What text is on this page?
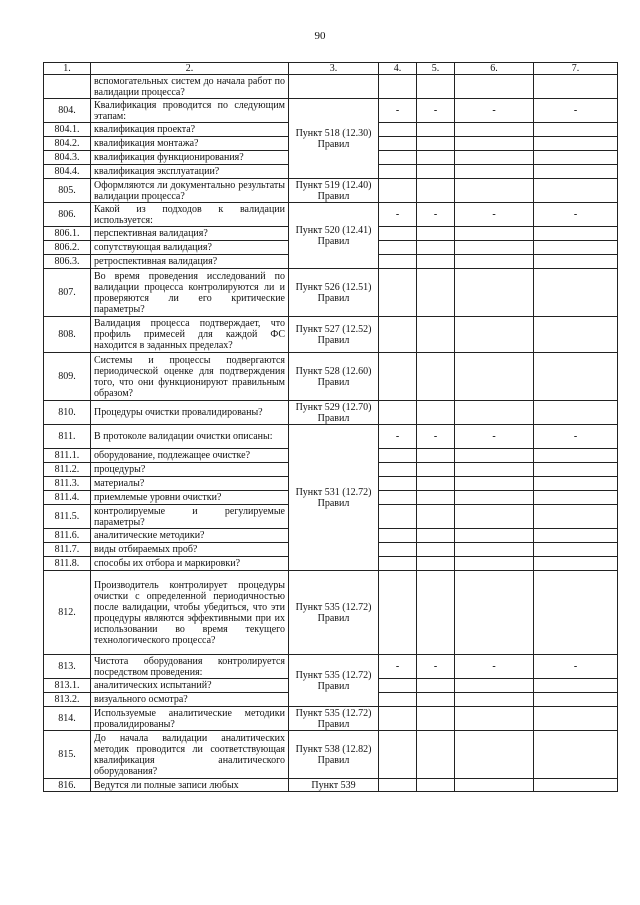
90
1.	2.	3.	4.	5.	6.	7.
	вспомогательных систем до начала работ по валидации процесса?					
804.	Квалификация проводится по следующим этапам:	Пункт 518 (12.30) Правил	-	-	-	-
804.1.	квалификация проекта?					
804.2.	квалификация монтажа?					
804.3.	квалификация функционирования?					
804.4.	квалификация эксплуатации?					
805.	Оформляются ли документально результаты валидации процесса?	Пункт 519 (12.40) Правил				
806.	Какой из подходов к валидации используется:	Пункт 520 (12.41) Правил	-	-	-	-
806.1.	перспективная валидация?					
806.2.	сопутствующая валидация?					
806.3.	ретроспективная валидация?					
807.	Во время проведения исследований по валидации процесса контролируются ли и проверяются ли его критические параметры?	Пункт 526 (12.51) Правил				
808.	Валидация процесса подтверждает, что профиль примесей для каждой ФС находится в заданных пределах?	Пункт 527 (12.52) Правил				
809.	Системы и процессы подвергаются периодической оценке для подтверждения того, что они функционируют правильным образом?	Пункт 528 (12.60) Правил				
810.	Процедуры очистки провалидированы?	Пункт 529 (12.70) Правил				
811.	В протоколе валидации очистки описаны:	Пункт 531 (12.72) Правил	-	-	-	-
811.1.	оборудование, подлежащее очистке?					
811.2.	процедуры?					
811.3.	материалы?					
811.4.	приемлемые уровни очистки?					
811.5.	контролируемые и регулируемые параметры?					
811.6.	аналитические методики?					
811.7.	виды отбираемых проб?					
811.8.	способы их отбора и маркировки?					
812.	Производитель контролирует процедуры очистки с определенной периодичностью после валидации, чтобы убедиться, что эти процедуры являются эффективными при их использовании во время текущего технологического процесса?	Пункт 535 (12.72) Правил				
813.	Чистота оборудования контролируется посредством проведения:	Пункт 535 (12.72) Правил	-	-	-	-
813.1.	аналитических испытаний?					
813.2.	визуального осмотра?					
814.	Используемые аналитические методики провалидированы?	Пункт 535 (12.72) Правил				
815.	До начала валидации аналитических методик проводится ли соответствующая квалификация аналитического оборудования?	Пункт 538 (12.82) Правил				
816.	Ведутся ли полные записи любых	Пункт 539				
